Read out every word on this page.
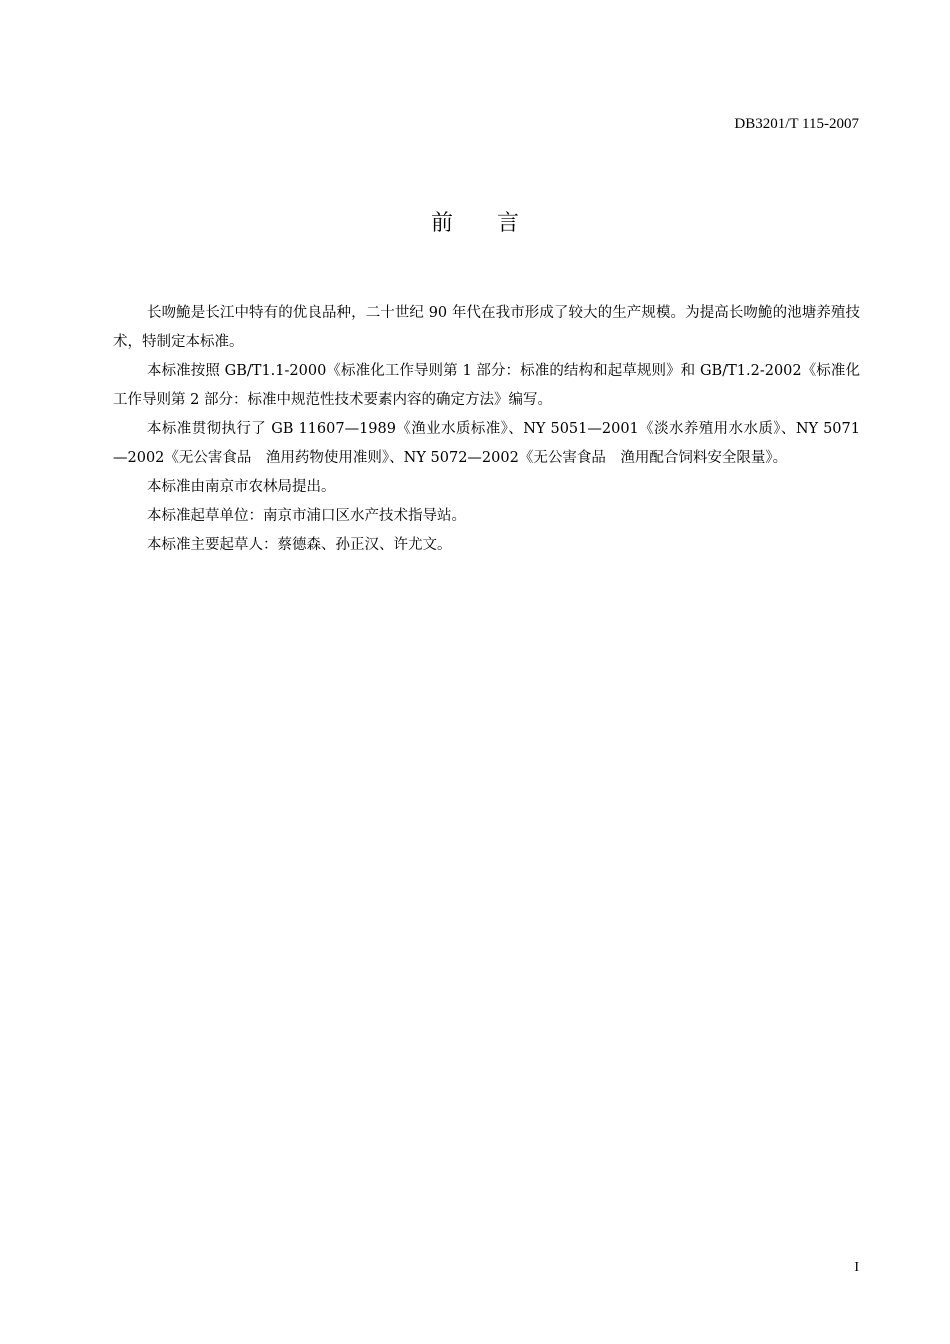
DB3201/T 115-2007
前 言

长吻鮠是长江中特有的优良品种，二十世纪 90 年代在我市形成了较大的生产规模。为提高长吻鮠的池塘养殖技术，特制定本标准。

本标准按照 GB/T1.1-2000《标准化工作导则第 1 部分：标准的结构和起草规则》和 GB/T1.2-2002《标准化工作导则第 2 部分：标准中规范性技术要素内容的确定方法》编写。

本标准贯彻执行了 GB 11607—1989《渔业水质标准》、NY 5051—2001《淡水养殖用水水质》、NY 5071—2002《无公害食品　渔用药物使用准则》、NY 5072—2002《无公害食品　渔用配合饲料安全限量》。

本标准由南京市农林局提出。

本标准起草单位：南京市浦口区水产技术指导站。

本标准主要起草人：蔡德森、孙正汉、许尤文。

I
